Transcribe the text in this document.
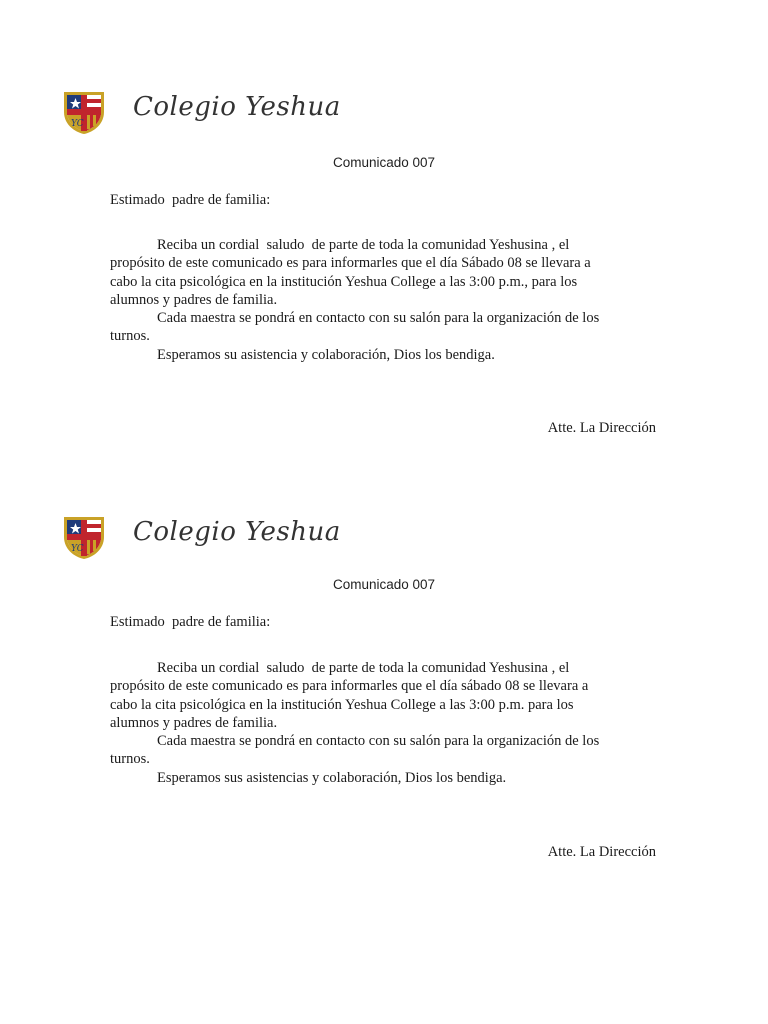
YC
Colegio Yeshua
Comunicado 007
Estimado  padre de familia:
Reciba un cordial  saludo  de parte de toda la comunidad Yeshusina , el
propósito de este comunicado es para informarles que el día Sábado 08 se llevara a
cabo la cita psicológica en la institución Yeshua College a las 3:00 p.m., para los
alumnos y padres de familia.
Cada maestra se pondrá en contacto con su salón para la organización de los
turnos.
Esperamos su asistencia y colaboración, Dios los bendiga.
Atte. La Dirección
YC
Colegio Yeshua
Comunicado 007
Estimado  padre de familia:
Reciba un cordial  saludo  de parte de toda la comunidad Yeshusina , el
propósito de este comunicado es para informarles que el día sábado 08 se llevara a
cabo la cita psicológica en la institución Yeshua College a las 3:00 p.m. para los
alumnos y padres de familia.
Cada maestra se pondrá en contacto con su salón para la organización de los
turnos.
Esperamos sus asistencias y colaboración, Dios los bendiga.
Atte. La Dirección
